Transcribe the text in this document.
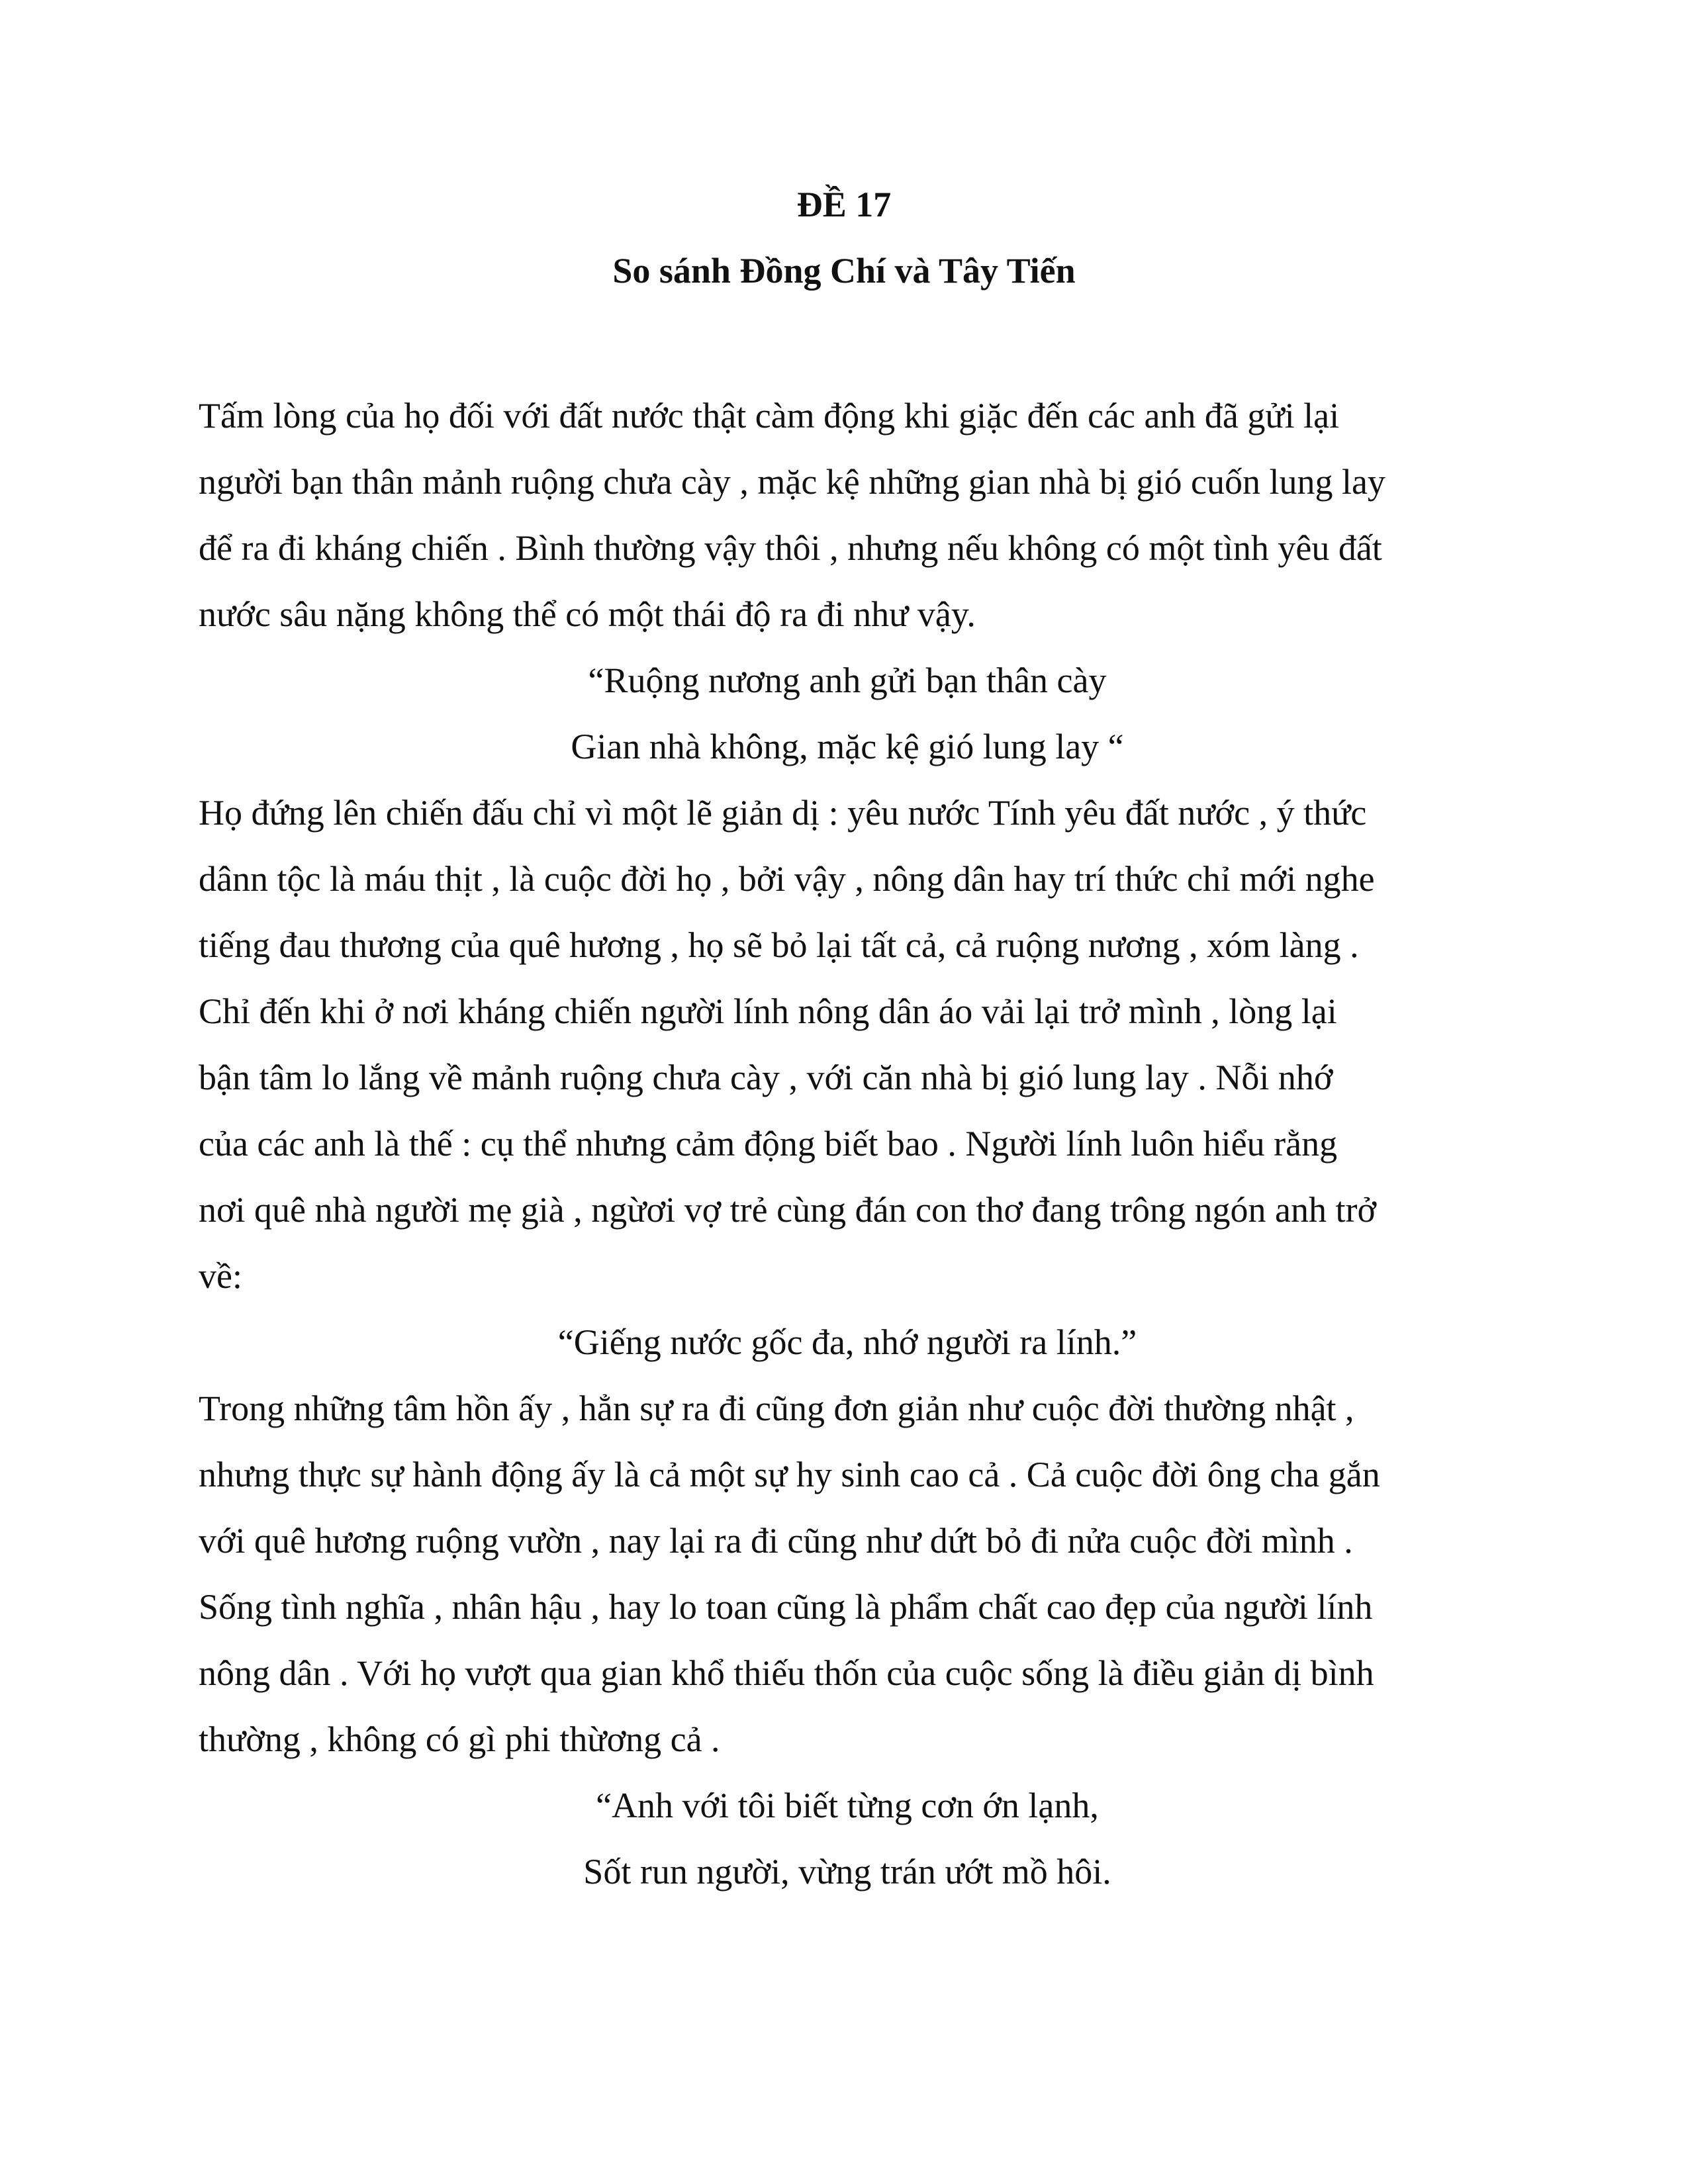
ĐỀ 17
So sánh Đồng Chí và Tây Tiến
Tấm lòng của họ đối với đất nước thật càm động khi giặc đến các anh đã gửi lại
người bạn thân mảnh ruộng chưa cày , mặc kệ những gian nhà bị gió cuốn lung lay
để ra đi kháng chiến . Bình thường vậy thôi , nhưng nếu không có một tình yêu đất
nước sâu nặng không thể có một thái độ ra đi như vậy.
“Ruộng nương anh gửi bạn thân cày
Gian nhà không, mặc kệ gió lung lay “
Họ đứng lên chiến đấu chỉ vì một lẽ giản dị : yêu nước Tính yêu đất nước , ý thức
dânn tộc là máu thịt , là cuộc đời họ , bởi vậy , nông dân hay trí thức chỉ mới nghe
tiếng đau thương của quê hương , họ sẽ bỏ lại tất cả, cả ruộng nương , xóm làng .
Chỉ đến khi ở nơi kháng chiến người lính nông dân áo vải lại trở mình , lòng lại
bận tâm lo lắng về mảnh ruộng chưa cày , với căn nhà bị gió lung lay . Nỗi nhớ
của các anh là thế : cụ thể nhưng cảm động biết bao . Người lính luôn hiểu rằng
nơi quê nhà người mẹ già , ngừơi vợ trẻ cùng đán con thơ đang trông ngón anh trở
về:
“Giếng nước gốc đa, nhớ người ra lính.”
Trong những tâm hồn ấy , hẳn sự ra đi cũng đơn giản như cuộc đời thường nhật ,
nhưng thực sự hành động ấy là cả một sự hy sinh cao cả . Cả cuộc đời ông cha gắn
với quê hương ruộng vườn , nay lại ra đi cũng như dứt bỏ đi nửa cuộc đời mình .
Sống tình nghĩa , nhân hậu , hay lo toan cũng là phẩm chất cao đẹp của người lính
nông dân . Với họ vượt qua gian khổ thiếu thốn của cuộc sống là điều giản dị bình
thường , không có gì phi thừơng cả .
“Anh với tôi biết từng cơn ớn lạnh,
Sốt run người, vừng trán ướt mồ hôi.
